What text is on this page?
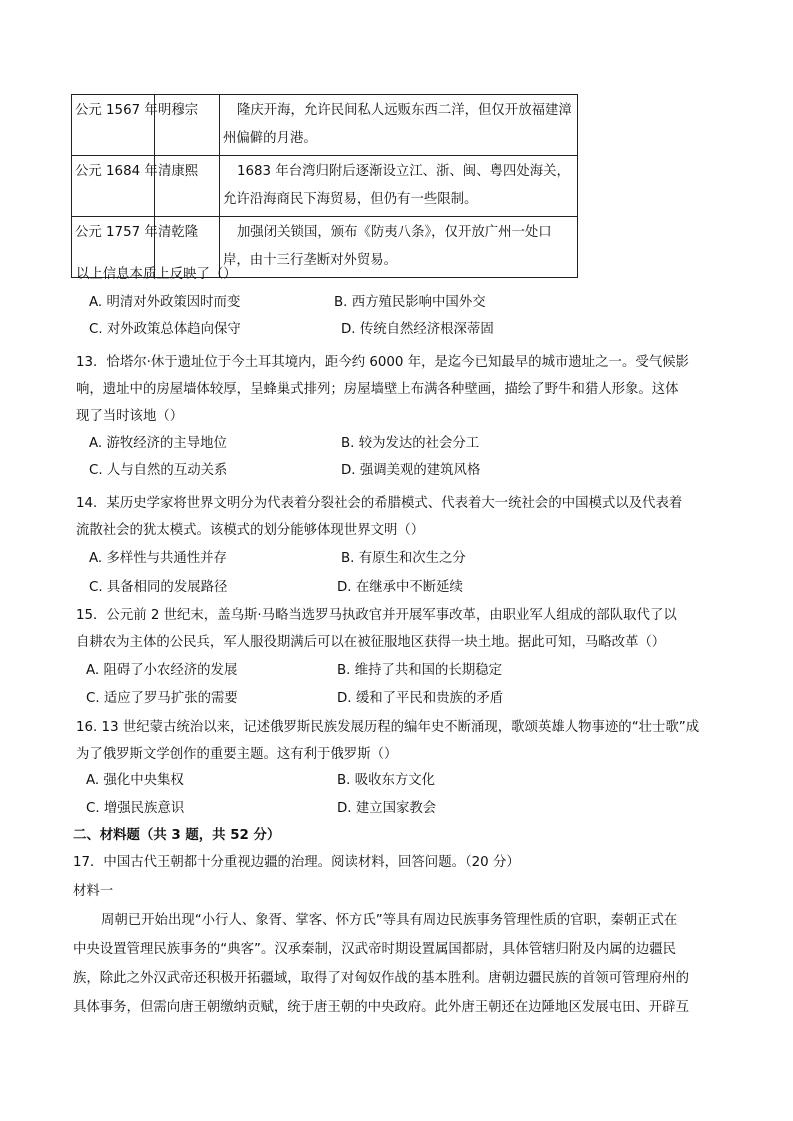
公元 1567 年	明穆宗	隆庆开海，允许民间私人远贩东西二洋，但仅开放福建漳州偏僻的月港。
公元 1684 年	清康熙	1683 年台湾归附后逐渐设立江、浙、闽、粤四处海关，允许沿海商民下海贸易，但仍有一些限制。
公元 1757 年	清乾隆	加强闭关锁国，颁布《防夷八条》，仅开放广州一处口岸，由十三行垄断对外贸易。
以上信息本质上反映了（）
A. 明清对外政策因时而变	B. 西方殖民影响中国外交
C. 对外政策总体趋向保守	D. 传统自然经济根深蒂固
13．恰塔尔·休于遗址位于今土耳其境内，距今约 6000 年，是迄今已知最早的城市遗址之一。受气候影
响，遗址中的房屋墙体较厚，呈蜂巢式排列；房屋墙壁上布满各种壁画，描绘了野牛和猎人形象。这体
现了当时该地（）
A. 游牧经济的主导地位	B. 较为发达的社会分工
C. 人与自然的互动关系	D. 强调美观的建筑风格
14．某历史学家将世界文明分为代表着分裂社会的希腊模式、代表着大一统社会的中国模式以及代表着
流散社会的犹太模式。该模式的划分能够体现世界文明（）
A. 多样性与共通性并存	B. 有原生和次生之分
C. 具备相同的发展路径	D. 在继承中不断延续
15．公元前 2 世纪末，盖乌斯·马略当选罗马执政官并开展军事改革，由职业军人组成的部队取代了以
自耕农为主体的公民兵，军人服役期满后可以在被征服地区获得一块土地。据此可知，马略改革（）
A. 阻碍了小农经济的发展	B. 维持了共和国的长期稳定
C. 适应了罗马扩张的需要	D. 缓和了平民和贵族的矛盾
16. 13 世纪蒙古统治以来，记述俄罗斯民族发展历程的编年史不断涌现，歌颂英雄人物事迹的“壮士歌”成
为了俄罗斯文学创作的重要主题。这有利于俄罗斯（）
A. 强化中央集权	B. 吸收东方文化
C. 增强民族意识	D. 建立国家教会
二、材料题（共 3 题，共 52 分）
17．中国古代王朝都十分重视边疆的治理。阅读材料，回答问题。（20 分）
材料一
周朝已开始出现“小行人、象胥、掌客、怀方氏”等具有周边民族事务管理性质的官职，秦朝正式在
中央设置管理民族事务的“典客”。汉承秦制，汉武帝时期设置属国都尉，具体管辖归附及内属的边疆民
族，除此之外汉武帝还积极开拓疆域，取得了对匈奴作战的基本胜利。唐朝边疆民族的首领可管理府州的
具体事务，但需向唐王朝缴纳贡赋，统于唐王朝的中央政府。此外唐王朝还在边陲地区发展屯田、开辟互
